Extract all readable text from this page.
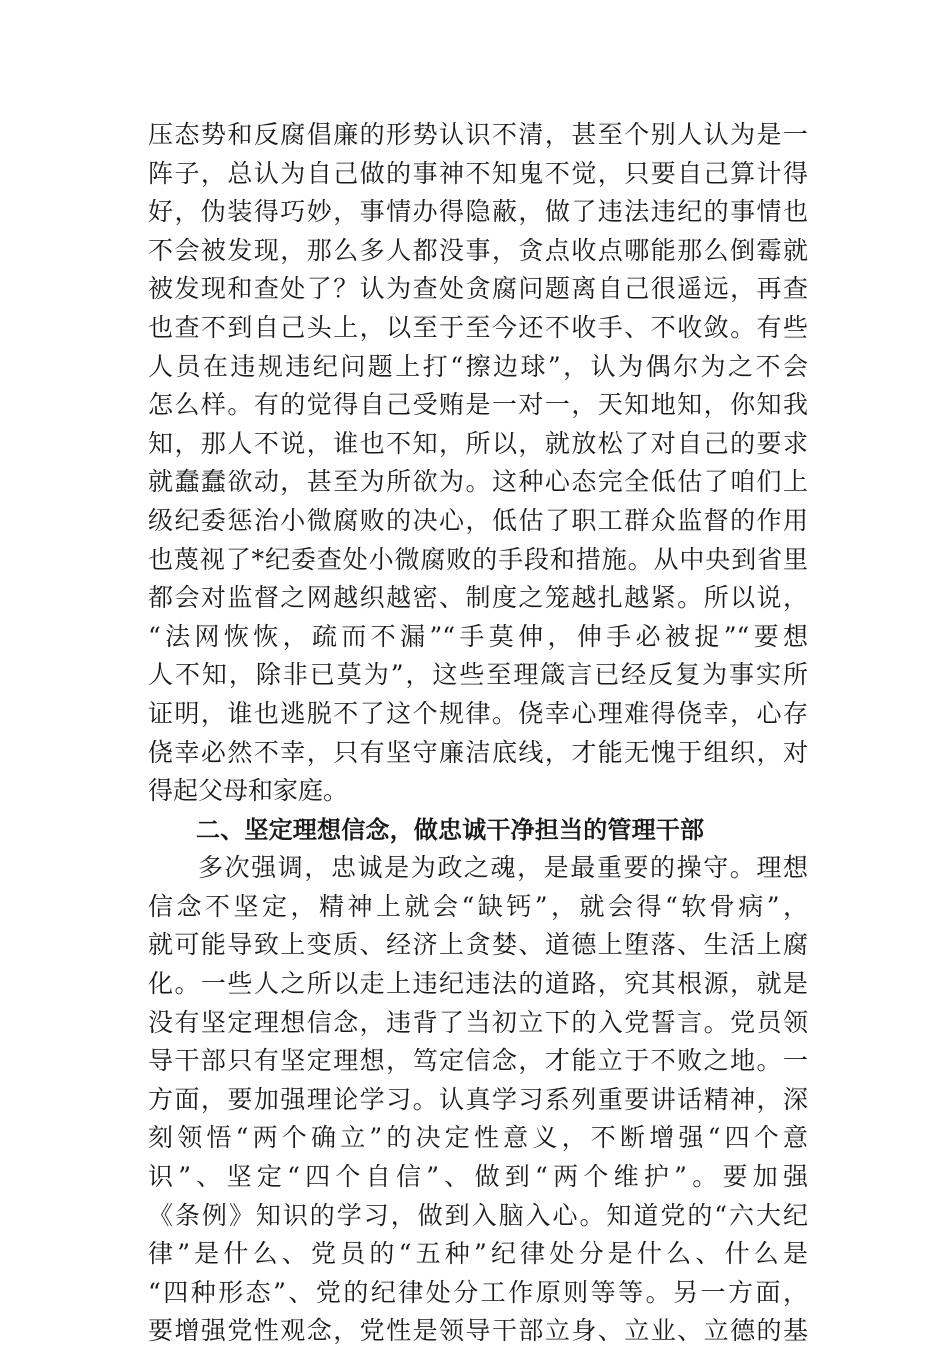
压态势和反腐倡廉的形势认识不清，甚至个别人认为是一
阵子，总认为自己做的事神不知鬼不觉，只要自己算计得
好，伪装得巧妙，事情办得隐蔽，做了违法违纪的事情也
不会被发现，那么多人都没事，贪点收点哪能那么倒霉就
被发现和查处了？认为查处贪腐问题离自己很遥远，再查
也查不到自己头上，以至于至今还不收手、不收敛。有些
人员在违规违纪问题上打“擦边球”，认为偶尔为之不会
怎么样。有的觉得自己受贿是一对一，天知地知，你知我
知，那人不说，谁也不知，所以，就放松了对自己的要求
就蠢蠢欲动，甚至为所欲为。这种心态完全低估了咱们上
级纪委惩治小微腐败的决心，低估了职工群众监督的作用
也蔑视了*纪委查处小微腐败的手段和措施。从中央到省里
都会对监督之网越织越密、制度之笼越扎越紧。所以说，
“法网恢恢，疏而不漏”“手莫伸，伸手必被捉”“要想
人不知，除非已莫为”，这些至理箴言已经反复为事实所
证明，谁也逃脱不了这个规律。侥幸心理难得侥幸，心存
侥幸必然不幸，只有坚守廉洁底线，才能无愧于组织，对
得起父母和家庭。
二、坚定理想信念，做忠诚干净担当的管理干部
多次强调，忠诚是为政之魂，是最重要的操守。理想
信念不坚定，精神上就会“缺钙”，就会得“软骨病”，
就可能导致上变质、经济上贪婪、道德上堕落、生活上腐
化。一些人之所以走上违纪违法的道路，究其根源，就是
没有坚定理想信念，违背了当初立下的入党誓言。党员领
导干部只有坚定理想，笃定信念，才能立于不败之地。一
方面，要加强理论学习。认真学习系列重要讲话精神，深
刻领悟“两个确立”的决定性意义，不断增强“四个意
识”、坚定“四个自信”、做到“两个维护”。要加强
《条例》知识的学习，做到入脑入心。知道党的“六大纪
律”是什么、党员的“五种”纪律处分是什么、什么是
“四种形态”、党的纪律处分工作原则等等。另一方面，
要增强党性观念，党性是领导干部立身、立业、立德的基
